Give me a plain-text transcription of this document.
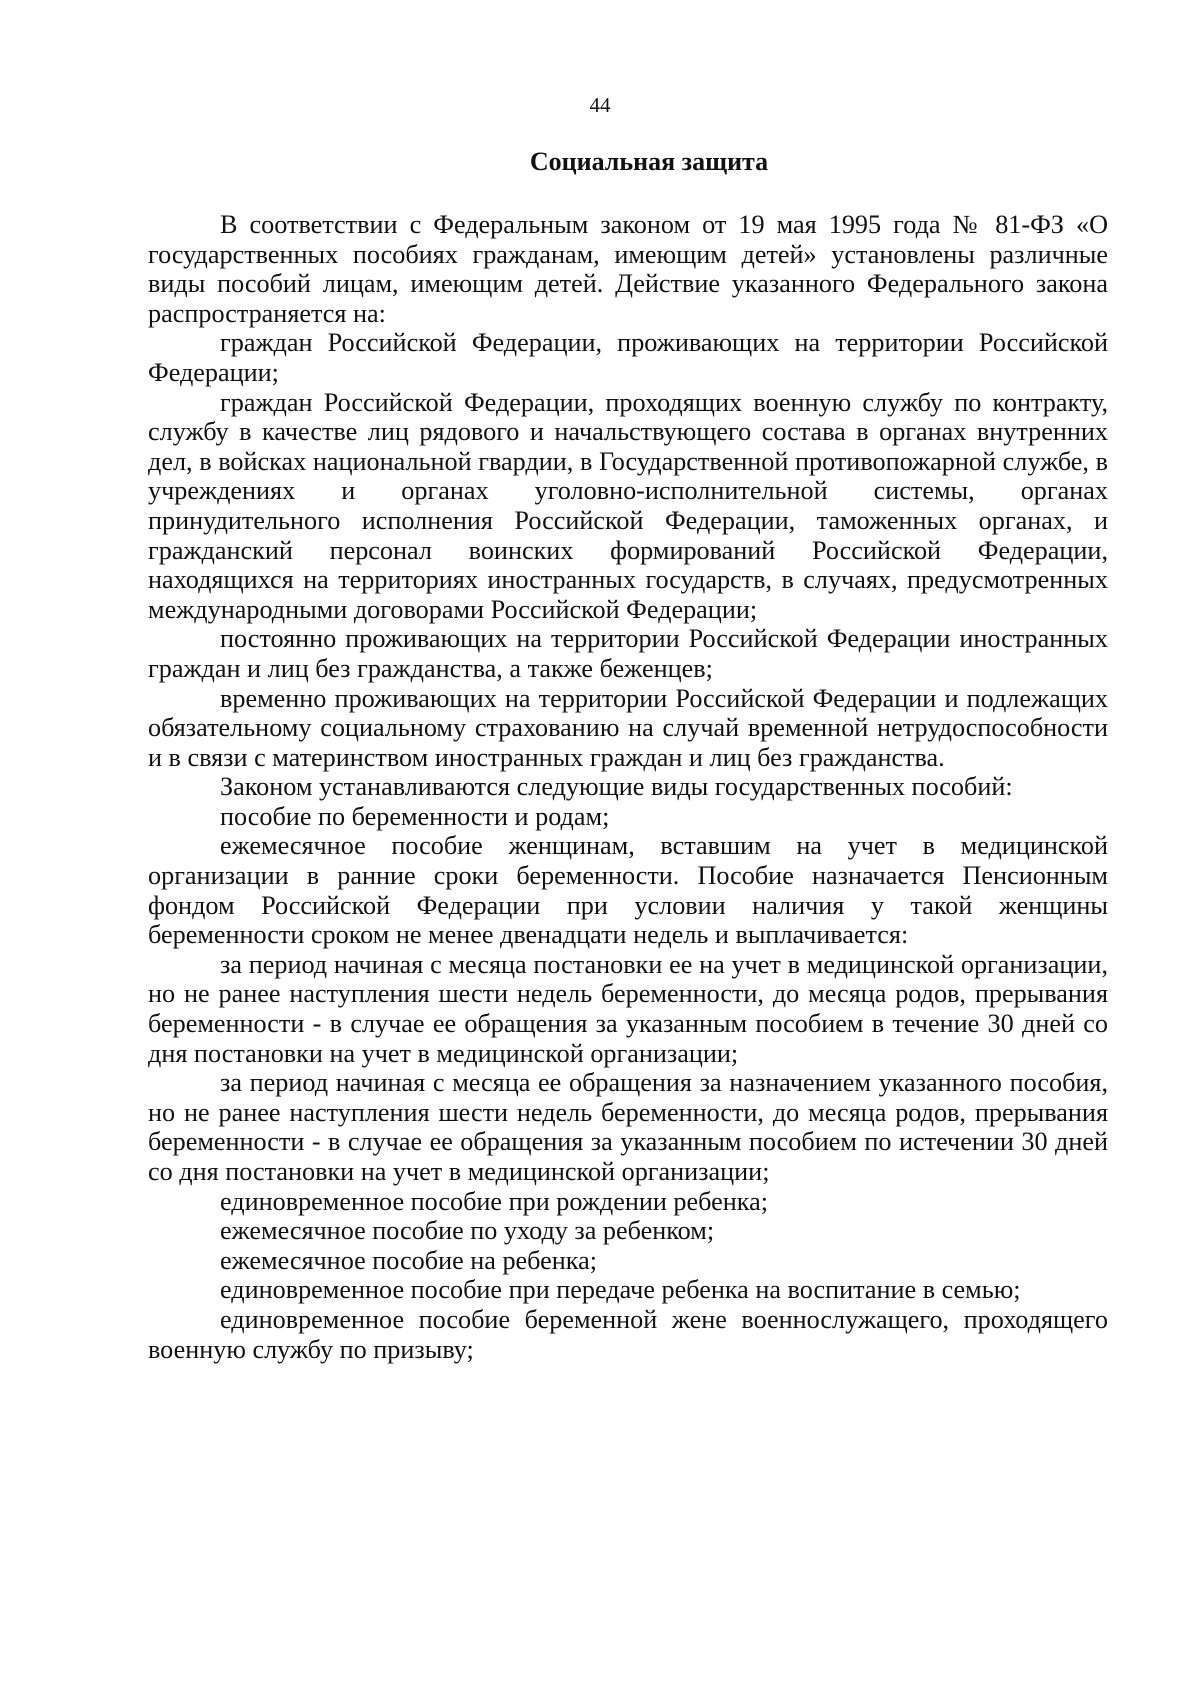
44
Социальная защита

В соответствии с Федеральным законом от 19 мая 1995 года № 81-ФЗ «О государственных пособиях гражданам, имеющим детей» установлены различные виды пособий лицам, имеющим детей. Действие указанного Федерального закона распространяется на:

граждан Российской Федерации, проживающих на территории Российской Федерации;

граждан Российской Федерации, проходящих военную службу по контракту, службу в качестве лиц рядового и начальствующего состава в органах внутренних дел, в войсках национальной гвардии, в Государственной противопожарной службе, в учреждениях и органах уголовно-исполнительной системы, органах принудительного исполнения Российской Федерации, таможенных органах, и гражданский персонал воинских формирований Российской Федерации, находящихся на территориях иностранных государств, в случаях, предусмотренных международными договорами Российской Федерации;

постоянно проживающих на территории Российской Федерации иностранных граждан и лиц без гражданства, а также беженцев;

временно проживающих на территории Российской Федерации и подлежащих обязательному социальному страхованию на случай временной нетрудоспособности и в связи с материнством иностранных граждан и лиц без гражданства.

Законом устанавливаются следующие виды государственных пособий:

пособие по беременности и родам;

ежемесячное пособие женщинам, вставшим на учет в медицинской организации в ранние сроки беременности. Пособие назначается Пенсионным фондом Российской Федерации при условии наличия у такой женщины беременности сроком не менее двенадцати недель и выплачивается:

за период начиная с месяца постановки ее на учет в медицинской организации, но не ранее наступления шести недель беременности, до месяца родов, прерывания беременности - в случае ее обращения за указанным пособием в течение 30 дней со дня постановки на учет в медицинской организации;

за период начиная с месяца ее обращения за назначением указанного пособия, но не ранее наступления шести недель беременности, до месяца родов, прерывания беременности - в случае ее обращения за указанным пособием по истечении 30 дней со дня постановки на учет в медицинской организации;

единовременное пособие при рождении ребенка;

ежемесячное пособие по уходу за ребенком;

ежемесячное пособие на ребенка;

единовременное пособие при передаче ребенка на воспитание в семью;

единовременное пособие беременной жене военнослужащего, проходящего военную службу по призыву;
